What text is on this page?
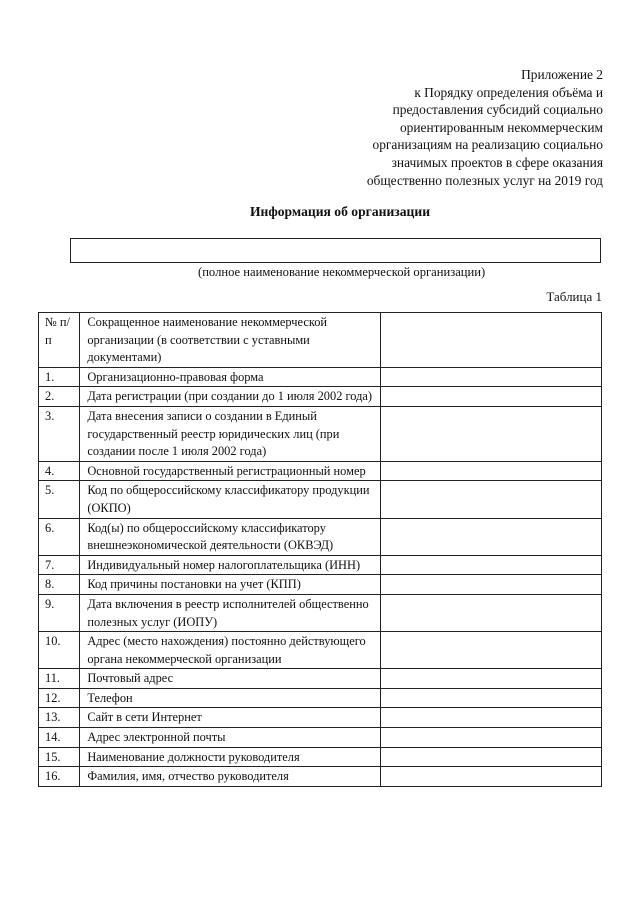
Приложение 2
к Порядку определения объёма и
предоставления субсидий социально
ориентированным некоммерческим
организациям на реализацию социально
значимых проектов в сфере оказания
общественно полезных услуг на 2019 год
Информация об организации
(полное наименование некоммерческой организации)
Таблица 1
№ п/п	Сокращенное наименование некоммерческой организации (в соответствии с уставными документами)	
1.	Организационно-правовая форма	
2.	Дата регистрации (при создании до 1 июля 2002 года)	
3.	Дата внесения записи о создании в Единый государственный реестр юридических лиц (при создании после 1 июля 2002 года)	
4.	Основной государственный регистрационный номер	
5.	Код по общероссийскому классификатору продукции (ОКПО)	
6.	Код(ы) по общероссийскому классификатору внешнеэкономической деятельности (ОКВЭД)	
7.	Индивидуальный номер налогоплательщика (ИНН)	
8.	Код причины постановки на учет (КПП)	
9.	Дата включения в реестр исполнителей общественно полезных услуг (ИОПУ)	
10.	Адрес (место нахождения) постоянно действующего органа некоммерческой организации	
11.	Почтовый адрес	
12.	Телефон	
13.	Сайт в сети Интернет	
14.	Адрес электронной почты	
15.	Наименование должности руководителя	
16.	Фамилия, имя, отчество руководителя	
